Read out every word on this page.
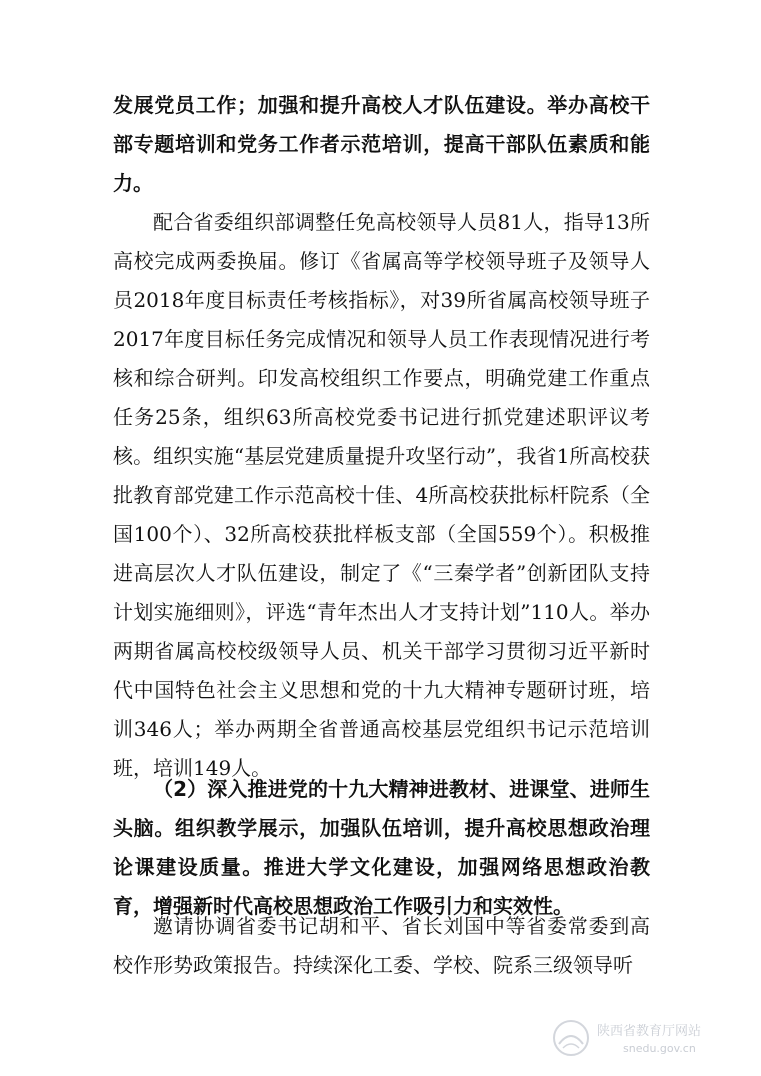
发展党员工作；加强和提升高校人才队伍建设。举办高校干部专题培训和党务工作者示范培训，提高干部队伍素质和能力。

配合省委组织部调整任免高校领导人员81人，指导13所高校完成两委换届。修订《省属高等学校领导班子及领导人员2018年度目标责任考核指标》，对39所省属高校领导班子2017年度目标任务完成情况和领导人员工作表现情况进行考核和综合研判。印发高校组织工作要点，明确党建工作重点任务25条，组织63所高校党委书记进行抓党建述职评议考核。组织实施“基层党建质量提升攻坚行动”，我省1所高校获批教育部党建工作示范高校十佳、4所高校获批标杆院系（全国100个）、32所高校获批样板支部（全国559个）。积极推进高层次人才队伍建设，制定了《“三秦学者”创新团队支持计划实施细则》，评选“青年杰出人才支持计划”110人。举办两期省属高校校级领导人员、机关干部学习贯彻习近平新时代中国特色社会主义思想和党的十九大精神专题研讨班，培训346人；举办两期全省普通高校基层党组织书记示范培训班，培训149人。

（2）深入推进党的十九大精神进教材、进课堂、进师生头脑。组织教学展示，加强队伍培训，提升高校思想政治理论课建设质量。推进大学文化建设，加强网络思想政治教育，增强新时代高校思想政治工作吸引力和实效性。

邀请协调省委书记胡和平、省长刘国中等省委常委到高校作形势政策报告。持续深化工委、学校、院系三级领导听

陕西省教育厅网站
snedu.gov.cn
